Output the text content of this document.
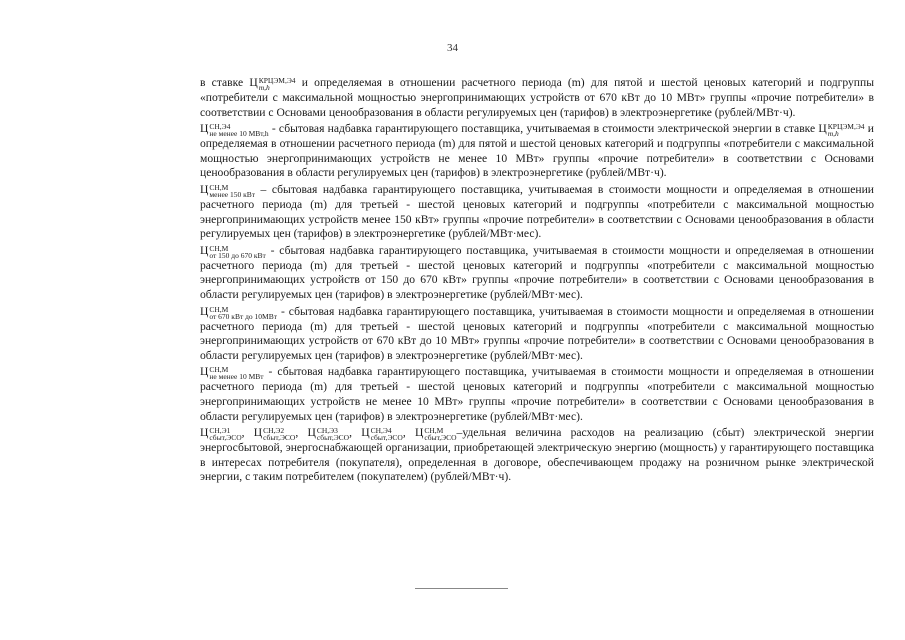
34

в ставке Ц КРЦЭМ,Э4
m,h	и определяемая в отношении расчетного периода (m) для пятой и шестой ценовых категорий и подгруппы «потребители с максимальной мощностью энергопринимающих устройств от 670 кВт до 10 МВт» группы «прочие потребители» в соответствии с Основами ценообразования в области регулируемых цен (тарифов) в электроэнергетике (рублей/МВт·ч).

Ц СН,Э4
не менее 10 МВт,h - сбытовая надбавка гарантирующего поставщика, учитываемая в стоимости электрической энергии в ставке Ц КРЦЭМ,Э4
m,h	и определяемая в отношении расчетного периода (m) для пятой и шестой ценовых категорий и подгруппы «потребители с максимальной мощностью энергопринимающих устройств не менее 10 МВт» группы «прочие потребители» в соответствии с Основами ценообразования в области регулируемых цен (тарифов) в электроэнергетике (рублей/МВт·ч).

Ц СН,М
менее 150 кВт – сбытовая надбавка гарантирующего поставщика, учитываемая в стоимости мощности и определяемая в отношении расчетного периода (m) для третьей - шестой ценовых категорий и подгруппы «потребители с максимальной мощностью энергопринимающих устройств менее 150 кВт» группы «прочие потребители» в соответствии с Основами ценообразования в области регулируемых цен (тарифов) в электроэнергетике (рублей/МВт·мес).

Ц СН,М
от 150 до 670 кВт - сбытовая надбавка гарантирующего поставщика, учитываемая в стоимости мощности и определяемая в отношении расчетного периода (m) для третьей - шестой ценовых категорий и подгруппы «потребители с максимальной мощностью энергопринимающих устройств от 150 до 670 кВт» группы «прочие потребители» в соответствии с Основами ценообразования в области регулируемых цен (тарифов) в электроэнергетике (рублей/МВт·мес).

Ц СН,М
от 670 кВт до 10МВт - сбытовая надбавка гарантирующего поставщика, учитываемая в стоимости мощности и определяемая в отношении расчетного периода (m) для третьей - шестой ценовых категорий и подгруппы «потребители с максимальной мощностью энергопринимающих устройств от 670 кВт до 10 МВт» группы «прочие потребители» в соответствии с Основами ценообразования в области регулируемых цен (тарифов) в электроэнергетике (рублей/МВт·мес).

Ц СН,М
не менее 10 МВт - сбытовая надбавка гарантирующего поставщика, учитываемая в стоимости мощности и определяемая в отношении расчетного периода (m) для третьей - шестой ценовых категорий и подгруппы «потребители с максимальной мощностью энергопринимающих устройств не менее 10 МВт» группы «прочие потребители» в соответствии с Основами ценообразования в области регулируемых цен (тарифов) в электроэнергетике (рублей/МВт·мес).

Ц СН,Э1
сбыт,ЭСО , Ц СН,Э2
сбыт,ЭСО , Ц СН,Э3
сбыт,ЭСО , Ц СН,Э4
сбыт,ЭСО , Ц СН,М
сбыт,ЭСО –удельная величина расходов на реализацию (сбыт) электрической энергии энергосбытовой, энергоснабжающей организации, приобретающей электрическую энергию (мощность) у гарантирующего поставщика в интересах потребителя (покупателя), определенная в договоре, обеспечивающем продажу на розничном рынке электрической энергии, с таким потребителем (покупателем) (рублей/МВт·ч).
